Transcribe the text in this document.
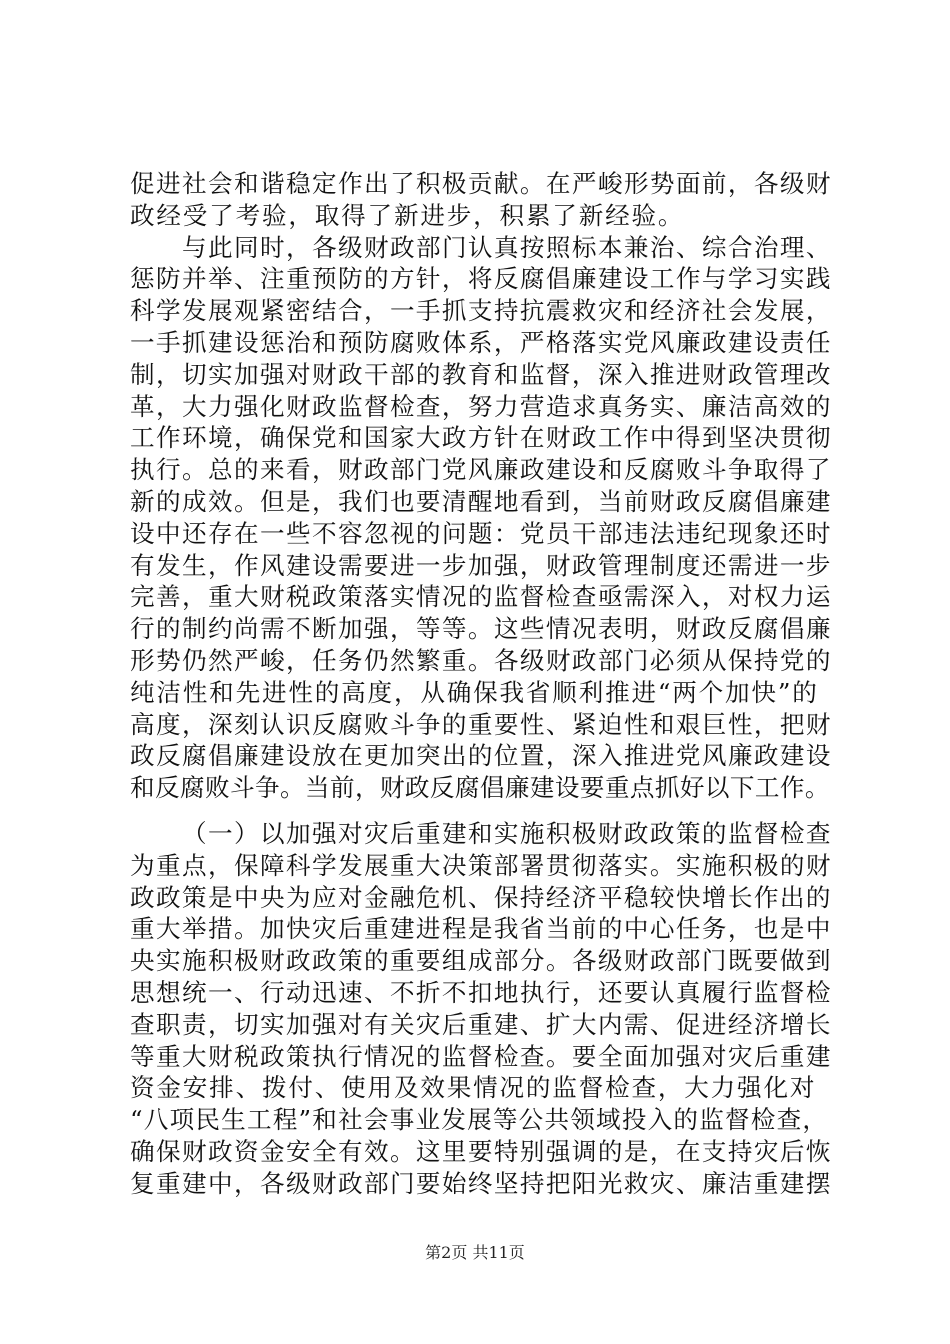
促进社会和谐稳定作出了积极贡献。在严峻形势面前，各级财
政经受了考验，取得了新进步，积累了新经验。
与此同时，各级财政部门认真按照标本兼治、综合治理、
惩防并举、注重预防的方针，将反腐倡廉建设工作与学习实践
科学发展观紧密结合，一手抓支持抗震救灾和经济社会发展，
一手抓建设惩治和预防腐败体系，严格落实党风廉政建设责任
制，切实加强对财政干部的教育和监督，深入推进财政管理改
革，大力强化财政监督检查，努力营造求真务实、廉洁高效的
工作环境，确保党和国家大政方针在财政工作中得到坚决贯彻
执行。总的来看，财政部门党风廉政建设和反腐败斗争取得了
新的成效。但是，我们也要清醒地看到，当前财政反腐倡廉建
设中还存在一些不容忽视的问题：党员干部违法违纪现象还时
有发生，作风建设需要进一步加强，财政管理制度还需进一步
完善，重大财税政策落实情况的监督检查亟需深入，对权力运
行的制约尚需不断加强，等等。这些情况表明，财政反腐倡廉
形势仍然严峻，任务仍然繁重。各级财政部门必须从保持党的
纯洁性和先进性的高度，从确保我省顺利推进“两个加快”的
高度，深刻认识反腐败斗争的重要性、紧迫性和艰巨性，把财
政反腐倡廉建设放在更加突出的位置，深入推进党风廉政建设
和反腐败斗争。当前，财政反腐倡廉建设要重点抓好以下工作。
（一）以加强对灾后重建和实施积极财政政策的监督检查
为重点，保障科学发展重大决策部署贯彻落实。实施积极的财
政政策是中央为应对金融危机、保持经济平稳较快增长作出的
重大举措。加快灾后重建进程是我省当前的中心任务，也是中
央实施积极财政政策的重要组成部分。各级财政部门既要做到
思想统一、行动迅速、不折不扣地执行，还要认真履行监督检
查职责，切实加强对有关灾后重建、扩大内需、促进经济增长
等重大财税政策执行情况的监督检查。要全面加强对灾后重建
资金安排、拨付、使用及效果情况的监督检查，大力强化对
“八项民生工程”和社会事业发展等公共领域投入的监督检查，
确保财政资金安全有效。这里要特别强调的是，在支持灾后恢
复重建中，各级财政部门要始终坚持把阳光救灾、廉洁重建摆
第2页 共11页
